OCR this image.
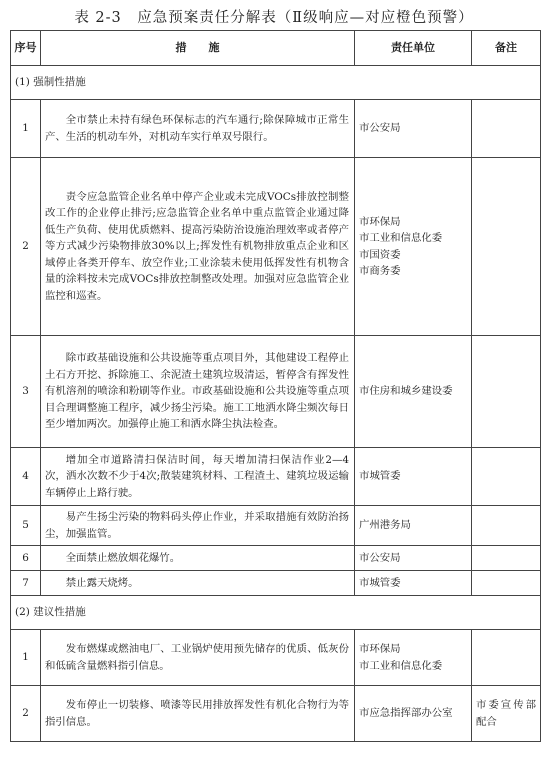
表 2-3　应急预案责任分解表（Ⅱ级响应—对应橙色预警）
序号	措　　施	责任单位	备注
(1) 强制性措施			
1	全市禁止未持有绿色环保标志的汽车通行;除保障城市正常生产、生活的机动车外，对机动车实行单双号限行。	市公安局	

2	责令应急监管企业名单中停产企业或未完成VOCs排放控制整改工作的企业停止排污;应急监管企业名单中重点监管企业通过降低生产负荷、使用优质燃料、提高污染防治设施治理效率或者停产等方式减少污染物排放30%以上;挥发性有机物排放重点企业和区域停止各类开停车、放空作业;工业涂装未使用低挥发性有机物含量的涂料按未完成VOCs排放控制整改处理。加强对应急监管企业监控和巡查。	市环保局
市工业和信息化委
市国资委
市商务委	

3	除市政基础设施和公共设施等重点项目外，其他建设工程停止土石方开挖、拆除施工、余泥渣土建筑垃圾清运，暂停含有挥发性有机溶剂的喷涂和粉刷等作业。市政基础设施和公共设施等重点项目合理调整施工程序，减少扬尘污染。施工工地洒水降尘频次每日至少增加两次。加强停止施工和洒水降尘执法检查。	市住房和城乡建设委	

4	增加全市道路清扫保洁时间，每天增加清扫保洁作业2—4次，洒水次数不少于4次;散装建筑材料、工程渣土、建筑垃圾运输车辆停止上路行驶。	市城管委	

5	易产生扬尘污染的物料码头停止作业，并采取措施有效防治扬尘，加强监管。	广州港务局	

6	全面禁止燃放烟花爆竹。	市公安局	

7	禁止露天烧烤。	市城管委	

(2) 建议性措施			
1	发布燃煤或燃油电厂、工业锅炉使用预先储存的优质、低灰份和低硫含量燃料指引信息。	市环保局
市工业和信息化委	

2	发布停止一切装修、喷漆等民用排放挥发性有机化合物行为等指引信息。	市应急指挥部办公室	市委宣传部配合
